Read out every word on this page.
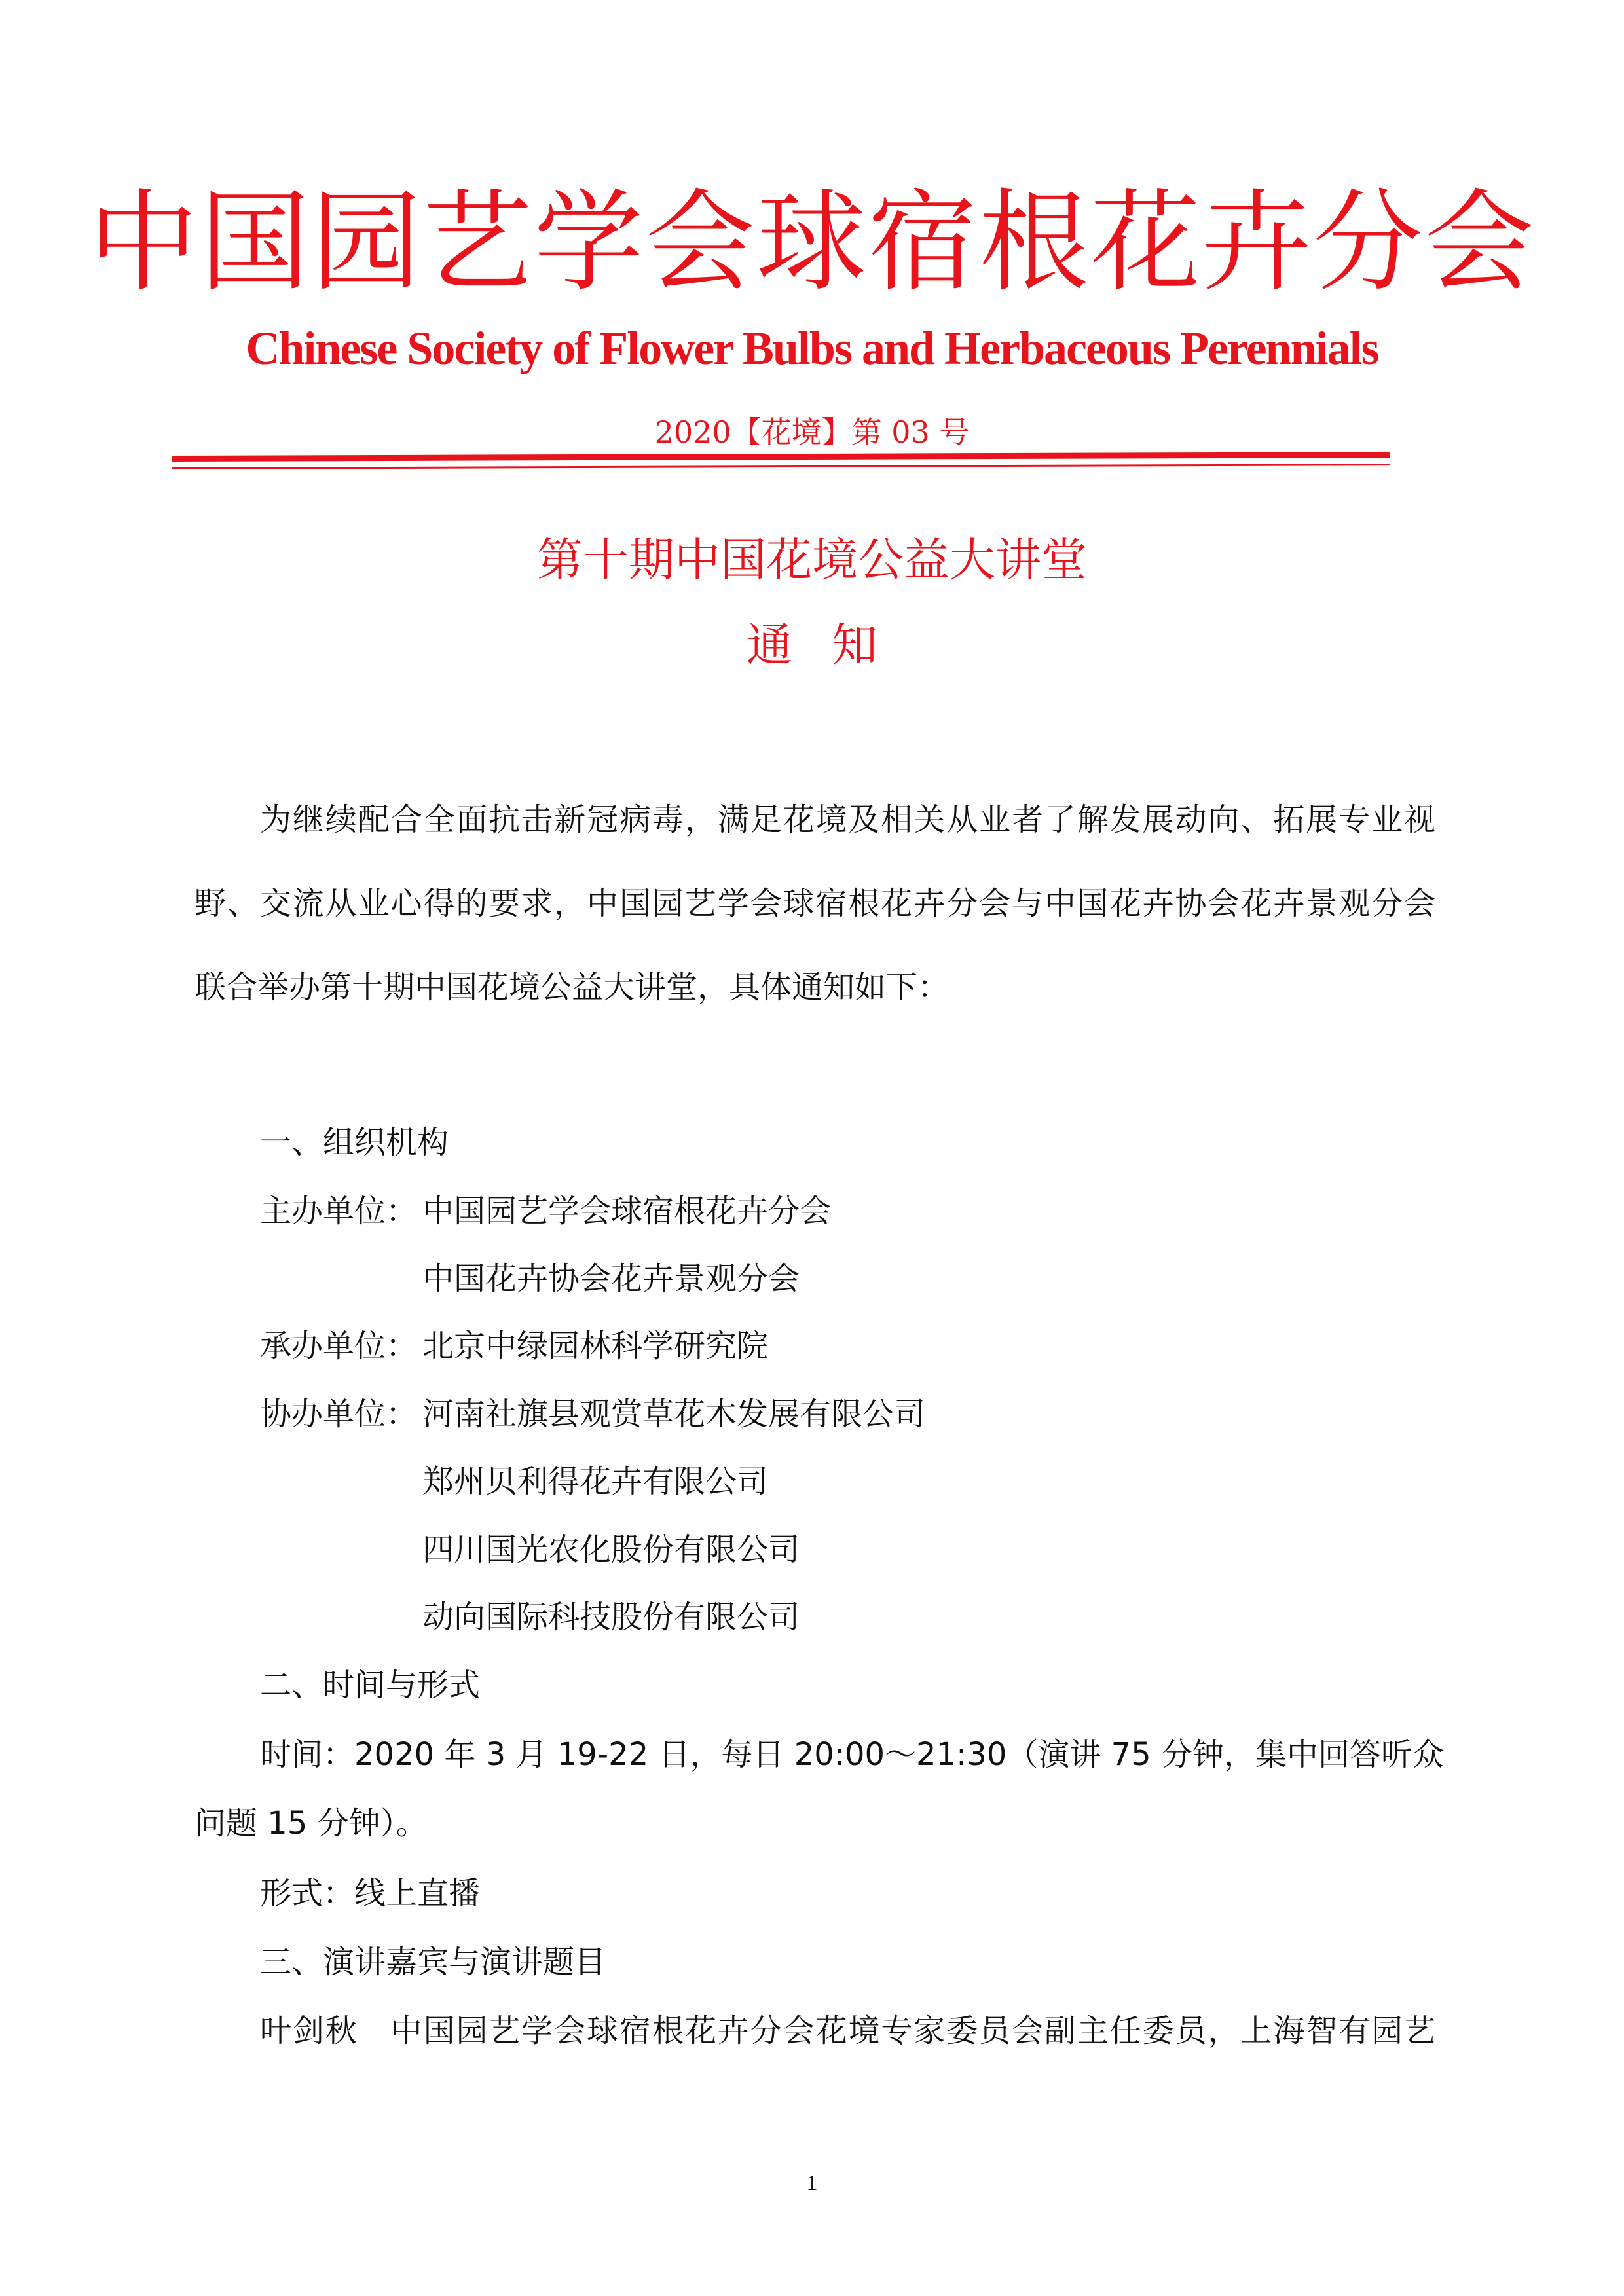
中国园艺学会球宿根花卉分会
Chinese Society of Flower Bulbs and Herbaceous Perennials
2020【花境】第 03 号
第十期中国花境公益大讲堂
通知
为继续配合全面抗击新冠病毒，满足花境及相关从业者了解发展动向、拓展专业视
野、交流从业心得的要求，中国园艺学会球宿根花卉分会与中国花卉协会花卉景观分会
联合举办第十期中国花境公益大讲堂，具体通知如下：
一、组织机构
主办单位： 中国园艺学会球宿根花卉分会
中国花卉协会花卉景观分会
承办单位： 北京中绿园林科学研究院
协办单位： 河南社旗县观赏草花木发展有限公司
郑州贝利得花卉有限公司
四川国光农化股份有限公司
动向国际科技股份有限公司
二、时间与形式
时间：2020 年 3 月 19-22 日，每日 20:00～21:30（演讲 75 分钟，集中回答听众
问题 15 分钟）。
形式：线上直播
三、演讲嘉宾与演讲题目
叶剑秋　中国园艺学会球宿根花卉分会花境专家委员会副主任委员，上海智有园艺
1
